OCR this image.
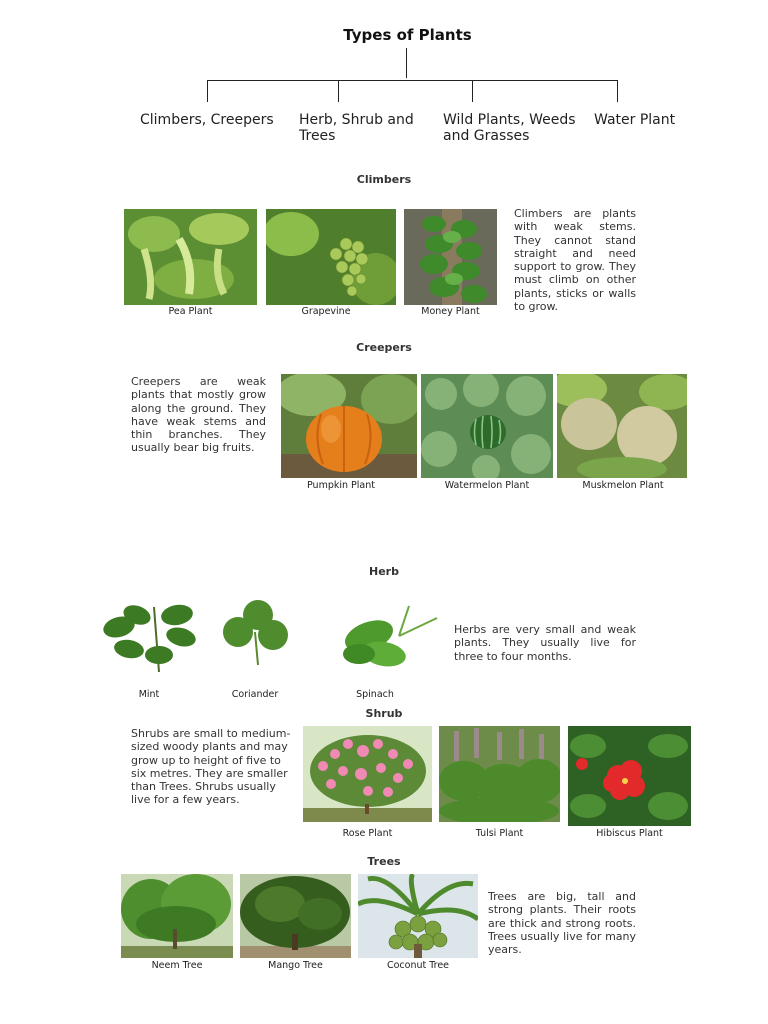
Types of Plants
Climbers, Creepers	Herb, Shrub and Trees
Wild Plants, Weeds and Grasses
Water Plant
Climbers
Pea Plant	Grapevine	Money Plant
Climbers are plants with weak stems. They cannot stand straight and need support to grow. They must climb on other plants, sticks or walls to grow.
Creepers
Creepers are weak plants that mostly grow along the ground. They have weak stems and thin branches. They usually bear big fruits.
Pumpkin Plant	Watermelon Plant	Muskmelon Plant
Herb
Mint	Coriander	Spinach
Herbs are very small and weak plants. They usually live for three to four months.
Shrub
Shrubs are small to medium-sized woody plants and may grow up to height of five to six metres. They are smaller than Trees. Shrubs usually live for a few years.
Rose Plant	Tulsi Plant	Hibiscus Plant
Trees
Neem Tree	Mango Tree	Coconut Tree
Trees are big, tall and strong plants. Their roots are thick and strong roots. Trees usually live for many years.
